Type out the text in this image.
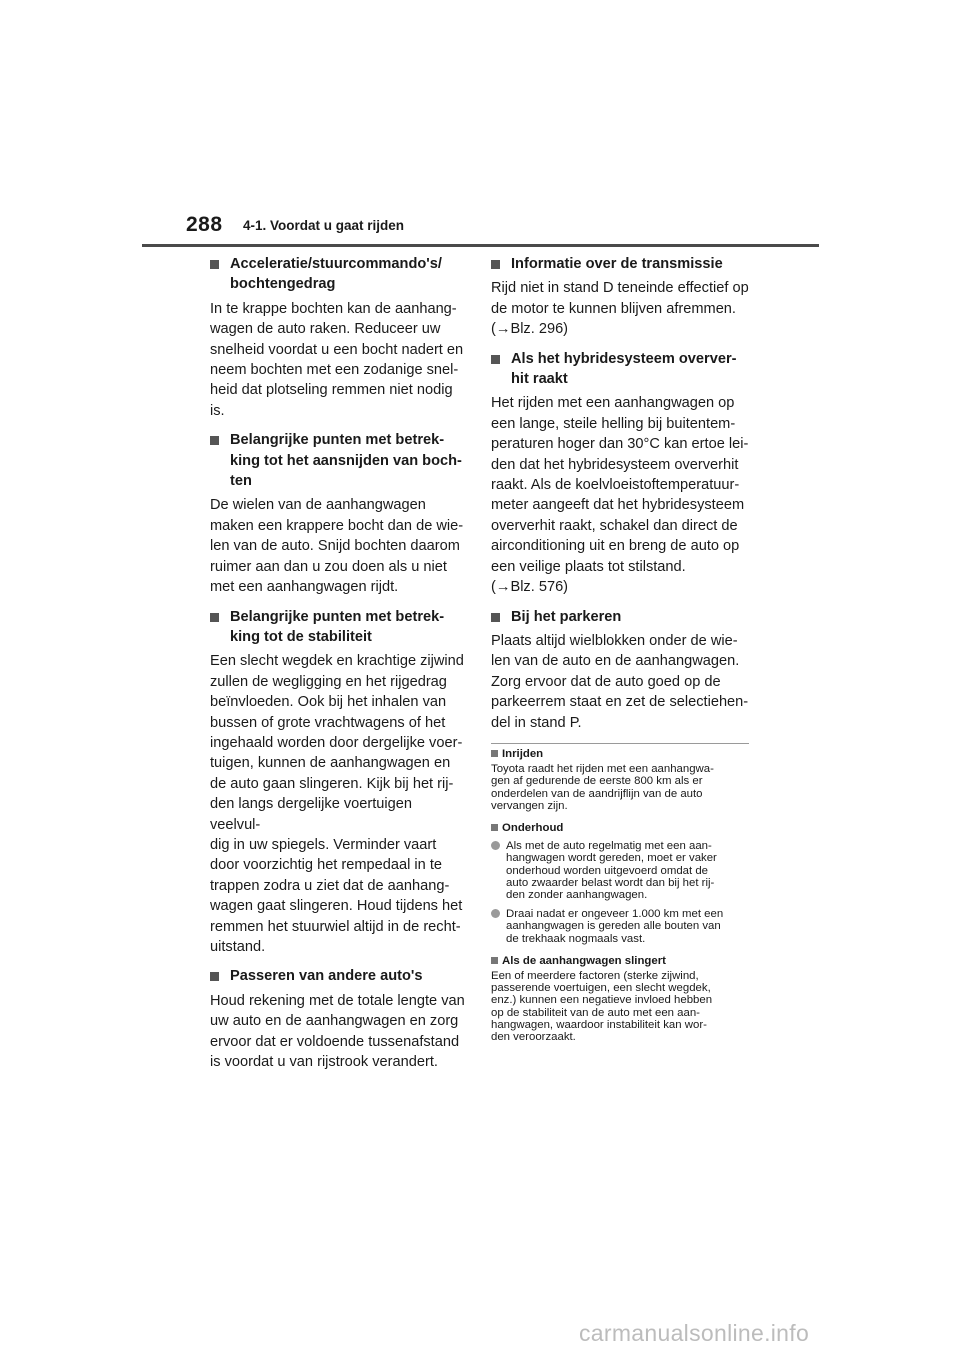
288 4-1. Voordat u gaat rijden
Acceleratie/stuurcommando's/
bochtengedrag
In te krappe bochten kan de aanhang-
wagen de auto raken. Reduceer uw
snelheid voordat u een bocht nadert en
neem bochten met een zodanige snel-
heid dat plotseling remmen niet nodig
is.
Belangrijke punten met betrek-
king tot het aansnijden van boch-
ten
De wielen van de aanhangwagen
maken een krappere bocht dan de wie-
len van de auto. Snijd bochten daarom
ruimer aan dan u zou doen als u niet
met een aanhangwagen rijdt.
Belangrijke punten met betrek-
king tot de stabiliteit
Een slecht wegdek en krachtige zijwind
zullen de wegligging en het rijgedrag
beïnvloeden. Ook bij het inhalen van
bussen of grote vrachtwagens of het
ingehaald worden door dergelijke voer-
tuigen, kunnen de aanhangwagen en
de auto gaan slingeren. Kijk bij het rij-
den langs dergelijke voertuigen veelvul-
dig in uw spiegels. Verminder vaart
door voorzichtig het rempedaal in te
trappen zodra u ziet dat de aanhang-
wagen gaat slingeren. Houd tijdens het
remmen het stuurwiel altijd in de recht-
uitstand.
Passeren van andere auto's
Houd rekening met de totale lengte van
uw auto en de aanhangwagen en zorg
ervoor dat er voldoende tussenafstand
is voordat u van rijstrook verandert.
Informatie over de transmissie
Rijd niet in stand D teneinde effectief op
de motor te kunnen blijven afremmen.
(→Blz. 296)
Als het hybridesysteem overver-
hit raakt
Het rijden met een aanhangwagen op
een lange, steile helling bij buitentem-
peraturen hoger dan 30°C kan ertoe lei-
den dat het hybridesysteem oververhit
raakt. Als de koelvloeistoftemperatuur-
meter aangeeft dat het hybridesysteem
oververhit raakt, schakel dan direct de
airconditioning uit en breng de auto op
een veilige plaats tot stilstand.
(→Blz. 576)
Bij het parkeren
Plaats altijd wielblokken onder de wie-
len van de auto en de aanhangwagen.
Zorg ervoor dat de auto goed op de
parkeerrem staat en zet de selectiehen-
del in stand P.
Inrijden
Toyota raadt het rijden met een aanhangwa-
gen af gedurende de eerste 800 km als er
onderdelen van de aandrijflijn van de auto
vervangen zijn.
Onderhoud
Als met de auto regelmatig met een aan-
hangwagen wordt gereden, moet er vaker
onderhoud worden uitgevoerd omdat de
auto zwaarder belast wordt dan bij het rij-
den zonder aanhangwagen.
Draai nadat er ongeveer 1.000 km met een
aanhangwagen is gereden alle bouten van
de trekhaak nogmaals vast.
Als de aanhangwagen slingert
Een of meerdere factoren (sterke zijwind,
passerende voertuigen, een slecht wegdek,
enz.) kunnen een negatieve invloed hebben
op de stabiliteit van de auto met een aan-
hangwagen, waardoor instabiliteit kan wor-
den veroorzaakt.
carmanualsonline.info
